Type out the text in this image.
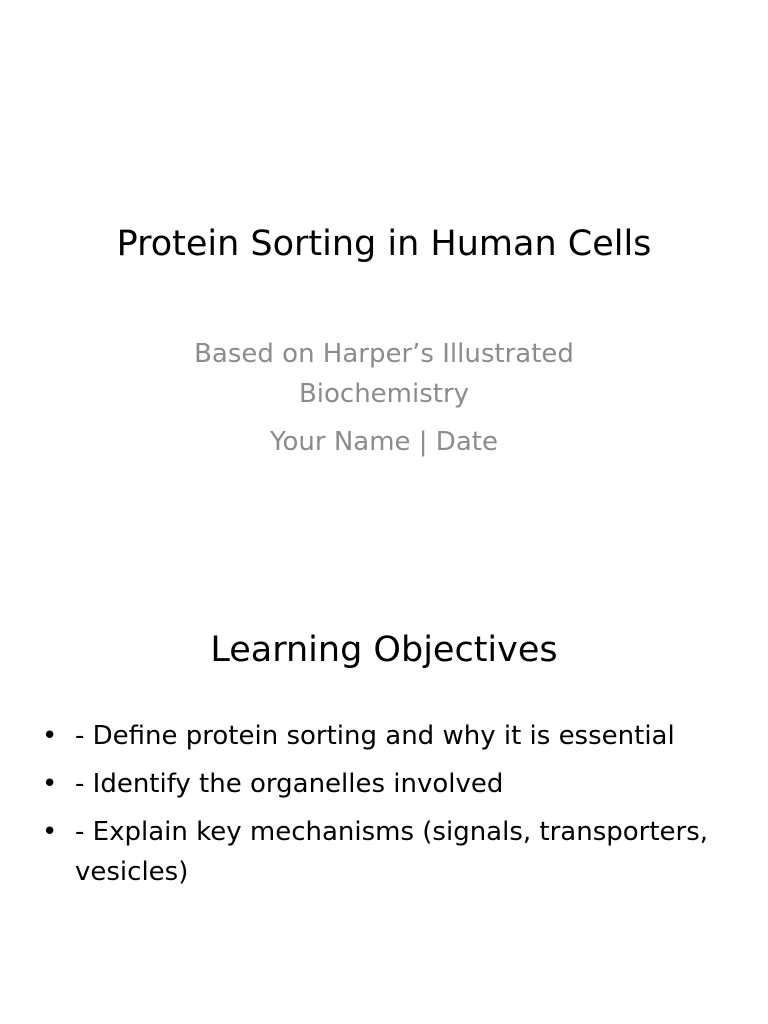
Protein Sorting in Human Cells

Based on Harper’s Illustrated Biochemistry

Your Name | Date

Learning Objectives
• - Define protein sorting and why it is essential
• - Identify the organelles involved
• - Explain key mechanisms (signals, transporters, vesicles)
